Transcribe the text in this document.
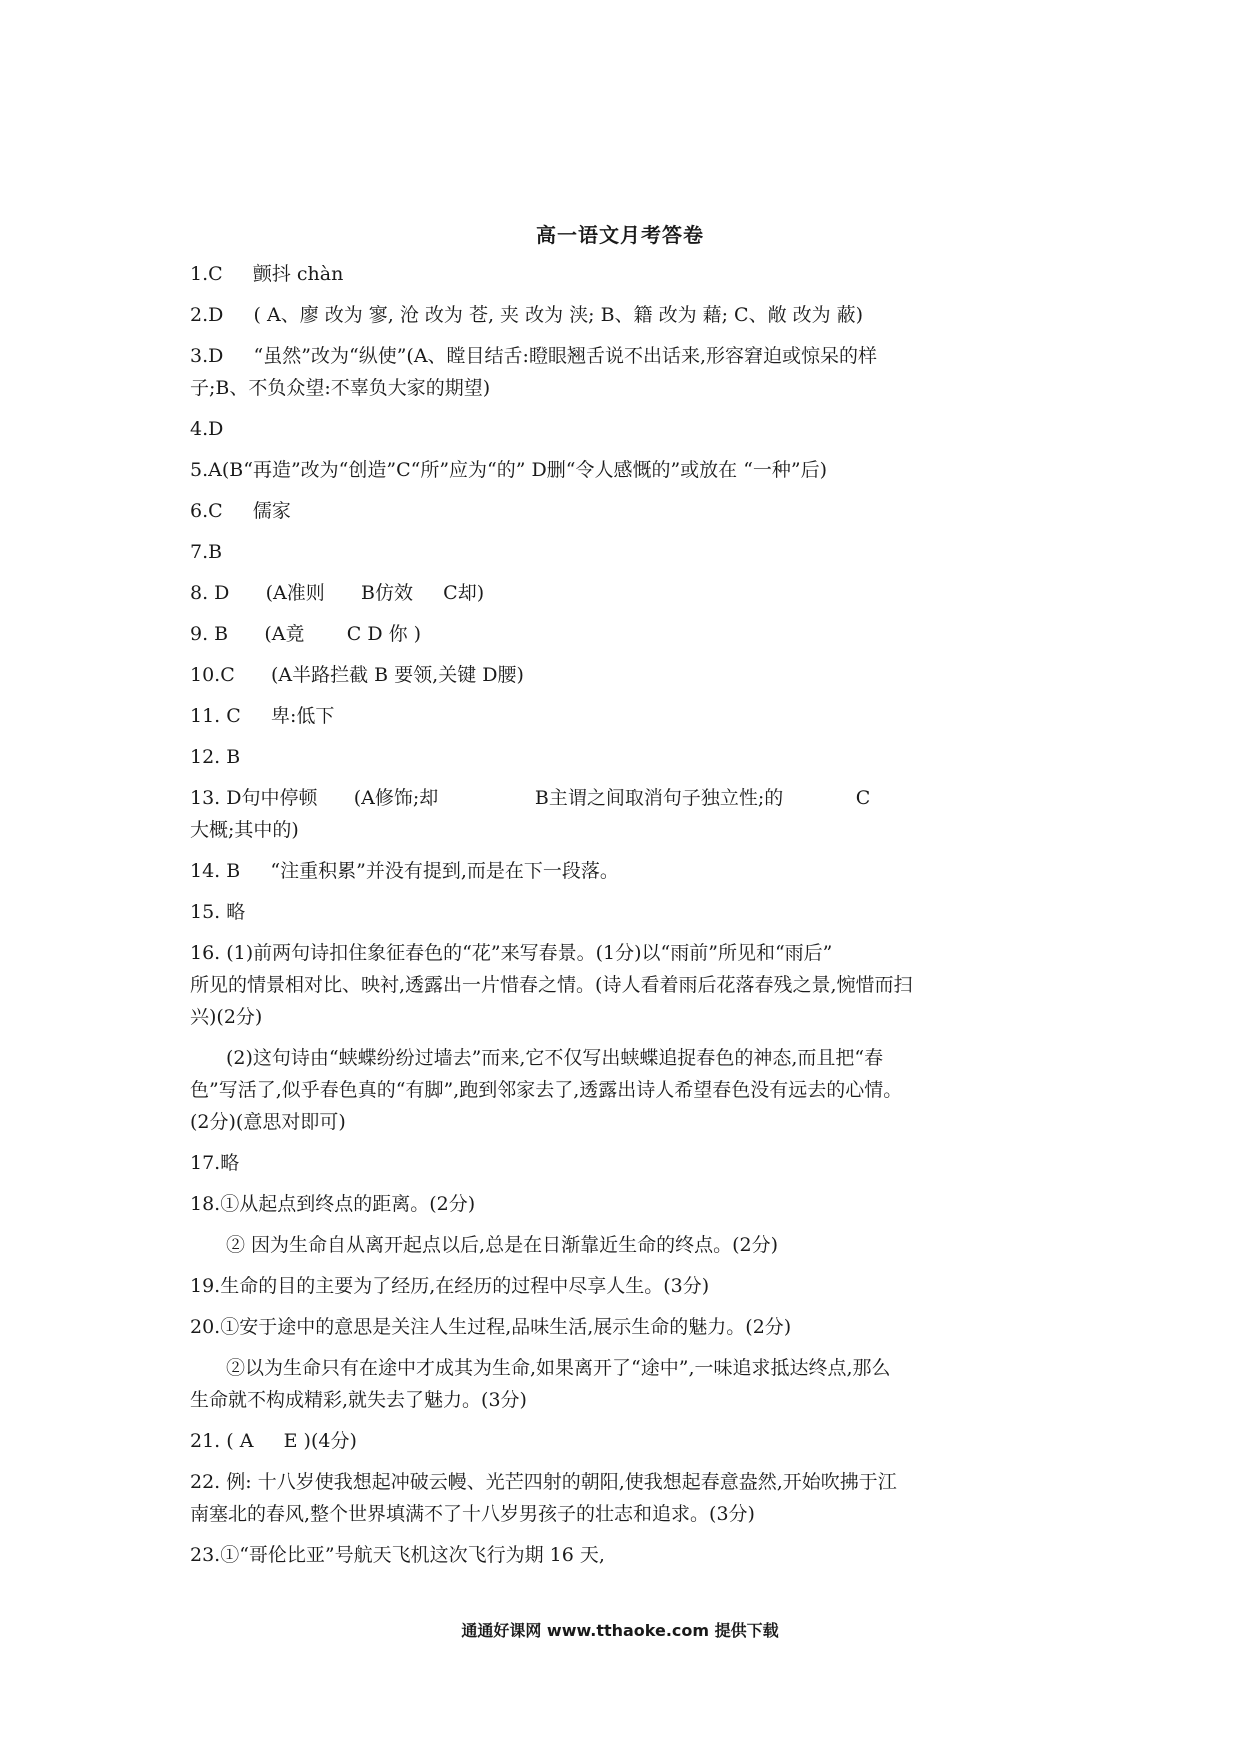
高一语文月考答卷
1.C     颤抖 chàn
2.D     ( A、廖 改为 寥, 沧 改为 苍, 夹 改为 浃; B、籍 改为 藉; C、敞 改为 蔽)
3.D     “虽然”改为“纵使”(A、瞠目结舌:瞪眼翘舌说不出话来,形容窘迫或惊呆的样
子;B、不负众望:不辜负大家的期望)
4.D
5.A(B“再造”改为“创造”C“所”应为“的” D删“令人感慨的”或放在 “一种”后)
6.C     儒家
7.B
8. D      (A准则      B仿效     C却)
9. B      (A竟       C D 你 )
10.C      (A半路拦截 B 要领,关键 D腰)
11. C     卑:低下
12. B
13. D句中停顿      (A修饰;却                B主谓之间取消句子独立性;的            C
大概;其中的)
14. B     “注重积累”并没有提到,而是在下一段落。
15. 略
16. (1)前两句诗扣住象征春色的“花”来写春景。(1分)以“雨前”所见和“雨后”
所见的情景相对比、映衬,透露出一片惜春之情。(诗人看着雨后花落春残之景,惋惜而扫
兴)(2分)
(2)这句诗由“蛱蝶纷纷过墙去”而来,它不仅写出蛱蝶追捉春色的神态,而且把“春
色”写活了,似乎春色真的“有脚”,跑到邻家去了,透露出诗人希望春色没有远去的心情。
(2分)(意思对即可)
17.略
18.①从起点到终点的距离。(2分)
② 因为生命自从离开起点以后,总是在日渐靠近生命的终点。(2分)
19.生命的目的主要为了经历,在经历的过程中尽享人生。(3分)
20.①安于途中的意思是关注人生过程,品味生活,展示生命的魅力。(2分)
②以为生命只有在途中才成其为生命,如果离开了“途中”,一味追求抵达终点,那么
生命就不构成精彩,就失去了魅力。(3分)
21. ( A     E )(4分)
22. 例: 十八岁使我想起冲破云幔、光芒四射的朝阳,使我想起春意盎然,开始吹拂于江
南塞北的春风,整个世界填满不了十八岁男孩子的壮志和追求。(3分)
23.①“哥伦比亚”号航天飞机这次飞行为期 16 天,
通通好课网 www.tthaoke.com 提供下载
